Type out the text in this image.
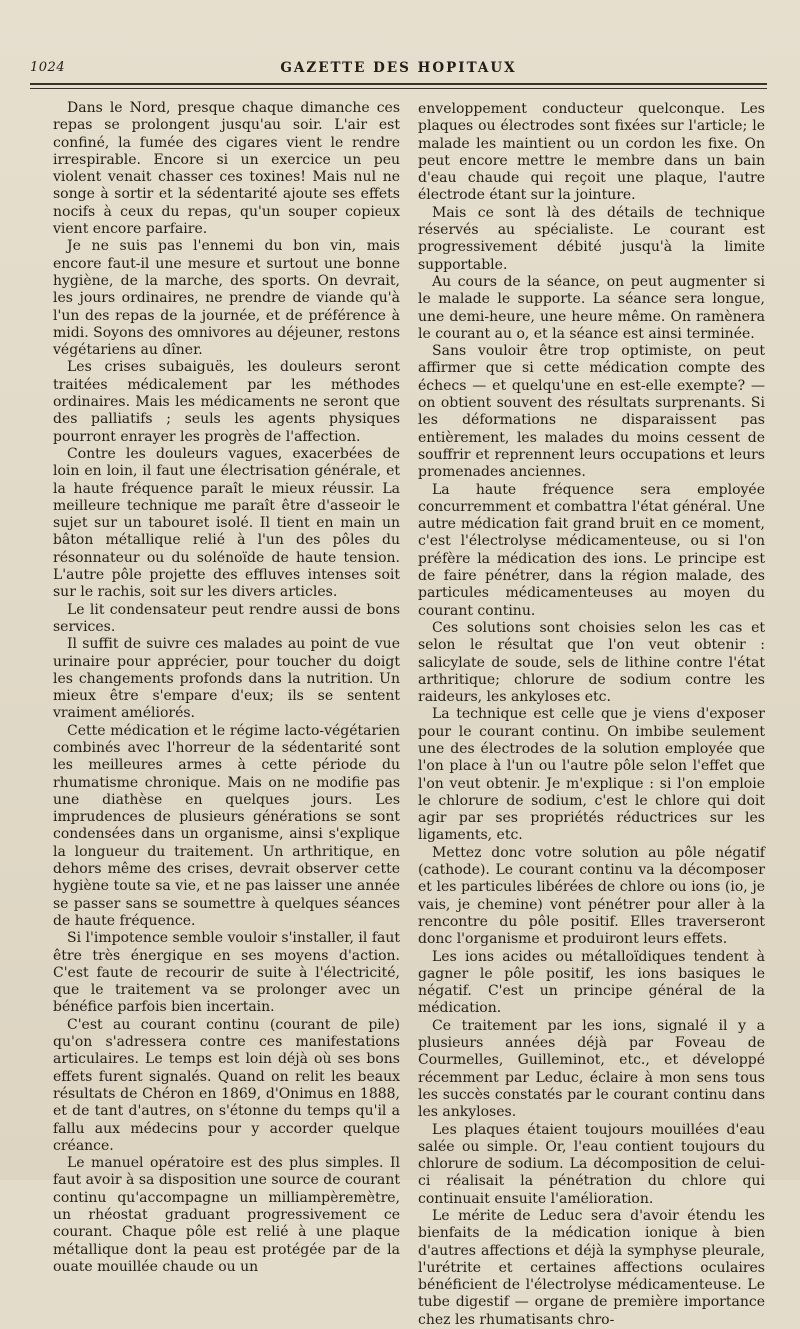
1024	GAZETTE DES HOPITAUX

Dans le Nord, presque chaque dimanche ces repas se prolongent jusqu'au soir. L'air est confiné, la fumée des cigares vient le rendre irrespirable. Encore si un exercice un peu violent venait chasser ces toxines! Mais nul ne songe à sortir et la sédentarité ajoute ses effets nocifs à ceux du repas, qu'un souper copieux vient encore parfaire.

Je ne suis pas l'ennemi du bon vin, mais encore faut-il une mesure et surtout une bonne hygiène, de la marche, des sports. On devrait, les jours ordinaires, ne prendre de viande qu'à l'un des repas de la journée, et de préférence à midi. Soyons des omnivores au déjeuner, restons végétariens au dîner.

Les crises subaiguës, les douleurs seront traitées médicalement par les méthodes ordinaires. Mais les médicaments ne seront que des palliatifs ; seuls les agents physiques pourront enrayer les progrès de l'affection.

Contre les douleurs vagues, exacerbées de loin en loin, il faut une électrisation générale, et la haute fréquence paraît le mieux réussir. La meilleure technique me paraît être d'asseoir le sujet sur un tabouret isolé. Il tient en main un bâton métallique relié à l'un des pôles du résonnateur ou du solénoïde de haute tension. L'autre pôle projette des effluves intenses soit sur le rachis, soit sur les divers articles.

Le lit condensateur peut rendre aussi de bons services.

Il suffit de suivre ces malades au point de vue urinaire pour apprécier, pour toucher du doigt les changements profonds dans la nutrition. Un mieux être s'empare d'eux; ils se sentent vraiment améliorés.

Cette médication et le régime lacto-végétarien combinés avec l'horreur de la sédentarité sont les meilleures armes à cette période du rhumatisme chronique. Mais on ne modifie pas une diathèse en quelques jours. Les imprudences de plusieurs générations se sont condensées dans un organisme, ainsi s'explique la longueur du traitement. Un arthritique, en dehors même des crises, devrait observer cette hygiène toute sa vie, et ne pas laisser une année se passer sans se soumettre à quelques séances de haute fréquence.

Si l'impotence semble vouloir s'installer, il faut être très énergique en ses moyens d'action. C'est faute de recourir de suite à l'électricité, que le traitement va se prolonger avec un bénéfice parfois bien incertain.

C'est au courant continu (courant de pile) qu'on s'adressera contre ces manifestations articulaires. Le temps est loin déjà où ses bons effets furent signalés. Quand on relit les beaux résultats de Chéron en 1869, d'Onimus en 1888, et de tant d'autres, on s'étonne du temps qu'il a fallu aux médecins pour y accorder quelque créance.

Le manuel opératoire est des plus simples. Il faut avoir à sa disposition une source de courant continu qu'accompagne un milliampèremètre, un rhéostat graduant progressivement ce courant. Chaque pôle est relié à une plaque métallique dont la peau est protégée par de la ouate mouillée chaude ou un

enveloppement conducteur quelconque. Les plaques ou électrodes sont fixées sur l'article; le malade les maintient ou un cordon les fixe. On peut encore mettre le membre dans un bain d'eau chaude qui reçoit une plaque, l'autre électrode étant sur la jointure.

Mais ce sont là des détails de technique réservés au spécialiste. Le courant est progressivement débité jusqu'à la limite supportable.

Au cours de la séance, on peut augmenter si le malade le supporte. La séance sera longue, une demi-heure, une heure même. On ramènera le courant au o, et la séance est ainsi terminée.

Sans vouloir être trop optimiste, on peut affirmer que si cette médication compte des échecs — et quelqu'une en est-elle exempte? — on obtient souvent des résultats surprenants. Si les déformations ne disparaissent pas entièrement, les malades du moins cessent de souffrir et reprennent leurs occupations et leurs promenades anciennes.

La haute fréquence sera employée concurremment et combattra l'état général. Une autre médication fait grand bruit en ce moment, c'est l'électrolyse médicamenteuse, ou si l'on préfère la médication des ions. Le principe est de faire pénétrer, dans la région malade, des particules médicamenteuses au moyen du courant continu.

Ces solutions sont choisies selon les cas et selon le résultat que l'on veut obtenir : salicylate de soude, sels de lithine contre l'état arthritique; chlorure de sodium contre les raideurs, les ankyloses etc.

La technique est celle que je viens d'exposer pour le courant continu. On imbibe seulement une des électrodes de la solution employée que l'on place à l'un ou l'autre pôle selon l'effet que l'on veut obtenir. Je m'explique : si l'on emploie le chlorure de sodium, c'est le chlore qui doit agir par ses propriétés réductrices sur les ligaments, etc.

Mettez donc votre solution au pôle négatif (cathode). Le courant continu va la décomposer et les particules libérées de chlore ou ions (io, je vais, je chemine) vont pénétrer pour aller à la rencontre du pôle positif. Elles traverseront donc l'organisme et produiront leurs effets.

Les ions acides ou métalloïdiques tendent à gagner le pôle positif, les ions basiques le négatif. C'est un principe général de la médication.

Ce traitement par les ions, signalé il y a plusieurs années déjà par Foveau de Courmelles, Guilleminot, etc., et développé récemment par Leduc, éclaire à mon sens tous les succès constatés par le courant continu dans les ankyloses.

Les plaques étaient toujours mouillées d'eau salée ou simple. Or, l'eau contient toujours du chlorure de sodium. La décomposition de celui-ci réalisait la pénétration du chlore qui continuait ensuite l'amélioration.

Le mérite de Leduc sera d'avoir étendu les bienfaits de la médication ionique à bien d'autres affections et déjà la symphyse pleurale, l'urétrite et certaines affections oculaires bénéficient de l'électrolyse médicamenteuse. Le tube digestif — organe de première importance chez les rhumatisants chro-
